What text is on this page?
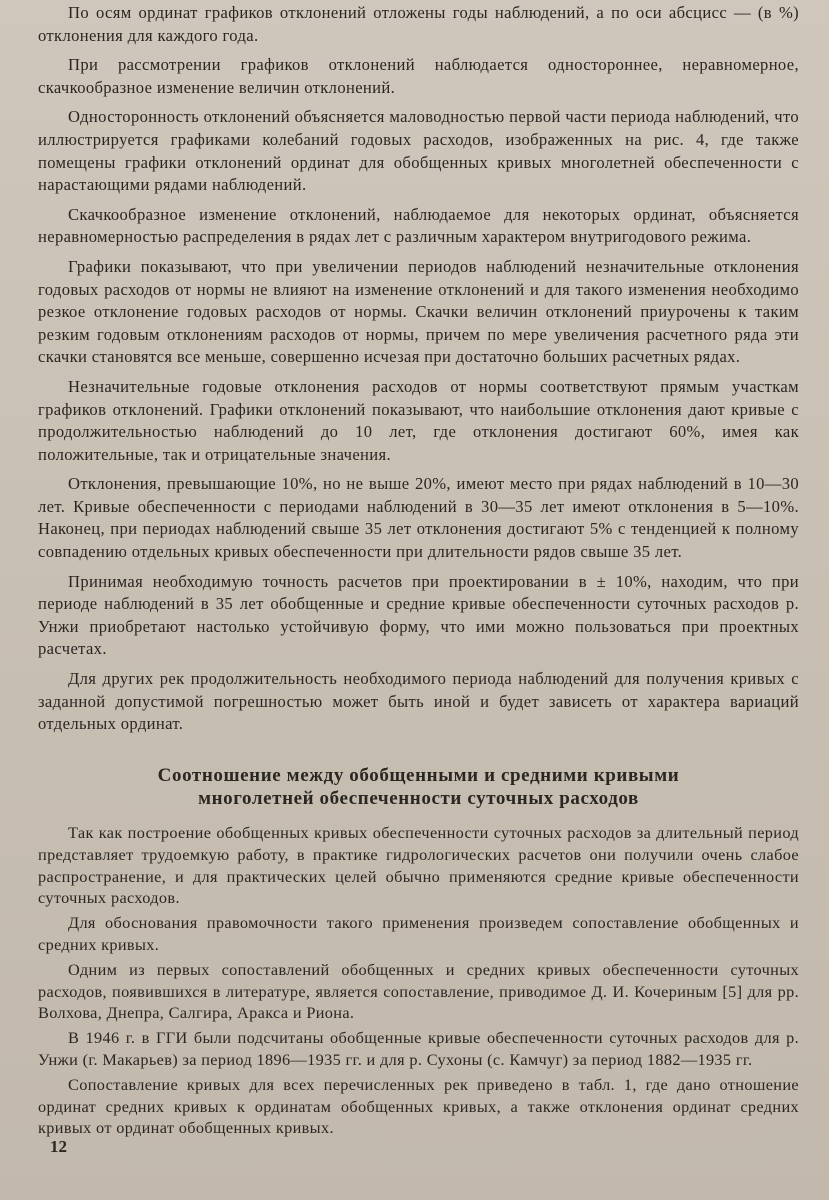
По осям ординат графиков отклонений отложены годы наблюдений, а по оси абсцисс — (в %) отклонения для каждого года.

При рассмотрении графиков отклонений наблюдается одностороннее, неравномерное, скачкообразное изменение величин отклонений.

Односторонность отклонений объясняется маловодностью первой части периода наблюдений, что иллюстрируется графиками колебаний годовых расходов, изображенных на рис. 4, где также помещены графики отклонений ординат для обобщенных кривых многолетней обеспеченности с нарастающими рядами наблюдений.

Скачкообразное изменение отклонений, наблюдаемое для некоторых ординат, объясняется неравномерностью распределения в рядах лет с различным характером внутригодового режима.

Графики показывают, что при увеличении периодов наблюдений незначительные отклонения годовых расходов от нормы не влияют на изменение отклонений и для такого изменения необходимо резкое отклонение годовых расходов от нормы. Скачки величин отклонений приурочены к таким резким годовым отклонениям расходов от нормы, причем по мере увеличения расчетного ряда эти скачки становятся все меньше, совершенно исчезая при достаточно больших расчетных рядах.

Незначительные годовые отклонения расходов от нормы соответствуют прямым участкам графиков отклонений. Графики отклонений показывают, что наибольшие отклонения дают кривые с продолжительностью наблюдений до 10 лет, где отклонения достигают 60%, имея как положительные, так и отрицательные значения.

Отклонения, превышающие 10%, но не выше 20%, имеют место при рядах наблюдений в 10—30 лет. Кривые обеспеченности с периодами наблюдений в 30—35 лет имеют отклонения в 5—10%. Наконец, при периодах наблюдений свыше 35 лет отклонения достигают 5% с тенденцией к полному совпадению отдельных кривых обеспеченности при длительности рядов свыше 35 лет.

Принимая необходимую точность расчетов при проектировании в ± 10%, находим, что при периоде наблюдений в 35 лет обобщенные и средние кривые обеспеченности суточных расходов р. Унжи приобретают настолько устойчивую форму, что ими можно пользоваться при проектных расчетах.

Для других рек продолжительность необходимого периода наблюдений для получения кривых с заданной допустимой погрешностью может быть иной и будет зависеть от характера вариаций отдельных ординат.

Соотношение между обобщенными и средними кривыми
многолетней обеспеченности суточных расходов

Так как построение обобщенных кривых обеспеченности суточных расходов за длительный период представляет трудоемкую работу, в практике гидрологических расчетов они получили очень слабое распространение, и для практических целей обычно применяются средние кривые обеспеченности суточных расходов.

Для обоснования правомочности такого применения произведем сопоставление обобщенных и средних кривых.

Одним из первых сопоставлений обобщенных и средних кривых обеспеченности суточных расходов, появившихся в литературе, является сопоставление, приводимое Д. И. Кочериным [5] для рр. Волхова, Днепра, Салгира, Аракса и Риона.

В 1946 г. в ГГИ были подсчитаны обобщенные кривые обеспеченности суточных расходов для р. Унжи (г. Макарьев) за период 1896—1935 гг. и для р. Сухоны (с. Камчуг) за период 1882—1935 гг.

Сопоставление кривых для всех перечисленных рек приведено в табл. 1, где дано отношение ординат средних кривых к ординатам обобщенных кривых, а также отклонения ординат средних кривых от ординат обобщенных кривых.

12
